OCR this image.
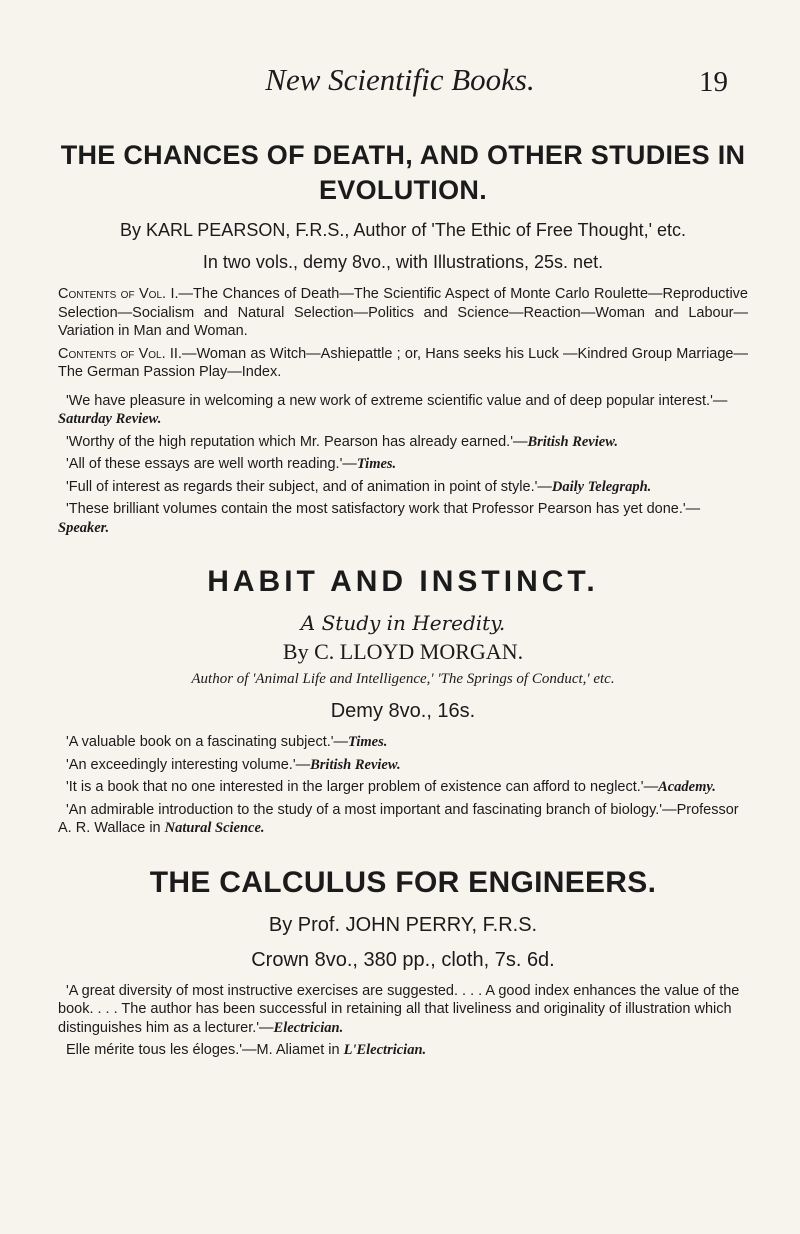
New Scientific Books.	19
THE CHANCES OF DEATH, AND OTHER STUDIES IN EVOLUTION.

By KARL PEARSON, F.R.S., Author of 'The Ethic of Free Thought,' etc.

In two vols., demy 8vo., with Illustrations, 25s. net.

Contents of Vol. I.—The Chances of Death—The Scientific Aspect of Monte Carlo Roulette—Reproductive Selection—Socialism and Natural Selection—Politics and Science—Reaction—Woman and Labour—Variation in Man and Woman.

Contents of Vol. II.—Woman as Witch—Ashiepattle ; or, Hans seeks his Luck —Kindred Group Marriage—The German Passion Play—Index.

'We have pleasure in welcoming a new work of extreme scientific value and of deep popular interest.'—Saturday Review.

'Worthy of the high reputation which Mr. Pearson has already earned.'—British Review.

'All of these essays are well worth reading.'—Times.

'Full of interest as regards their subject, and of animation in point of style.'—Daily Telegraph.

'These brilliant volumes contain the most satisfactory work that Professor Pearson has yet done.'—Speaker.

HABIT AND INSTINCT.

A Study in Heredity.

By C. LLOYD MORGAN.

Author of 'Animal Life and Intelligence,' 'The Springs of Conduct,' etc.

Demy 8vo., 16s.

'A valuable book on a fascinating subject.'—Times.

'An exceedingly interesting volume.'—British Review.

'It is a book that no one interested in the larger problem of existence can afford to neglect.'—Academy.

'An admirable introduction to the study of a most important and fascinating branch of biology.'—Professor A. R. Wallace in Natural Science.

THE CALCULUS FOR ENGINEERS.

By Prof. JOHN PERRY, F.R.S.

Crown 8vo., 380 pp., cloth, 7s. 6d.

'A great diversity of most instructive exercises are suggested. . . . A good index enhances the value of the book. . . . The author has been successful in retaining all that liveliness and originality of illustration which distinguishes him as a lecturer.'—Electrician.

Elle mérite tous les éloges.'—M. Aliamet in L'Electrician.
